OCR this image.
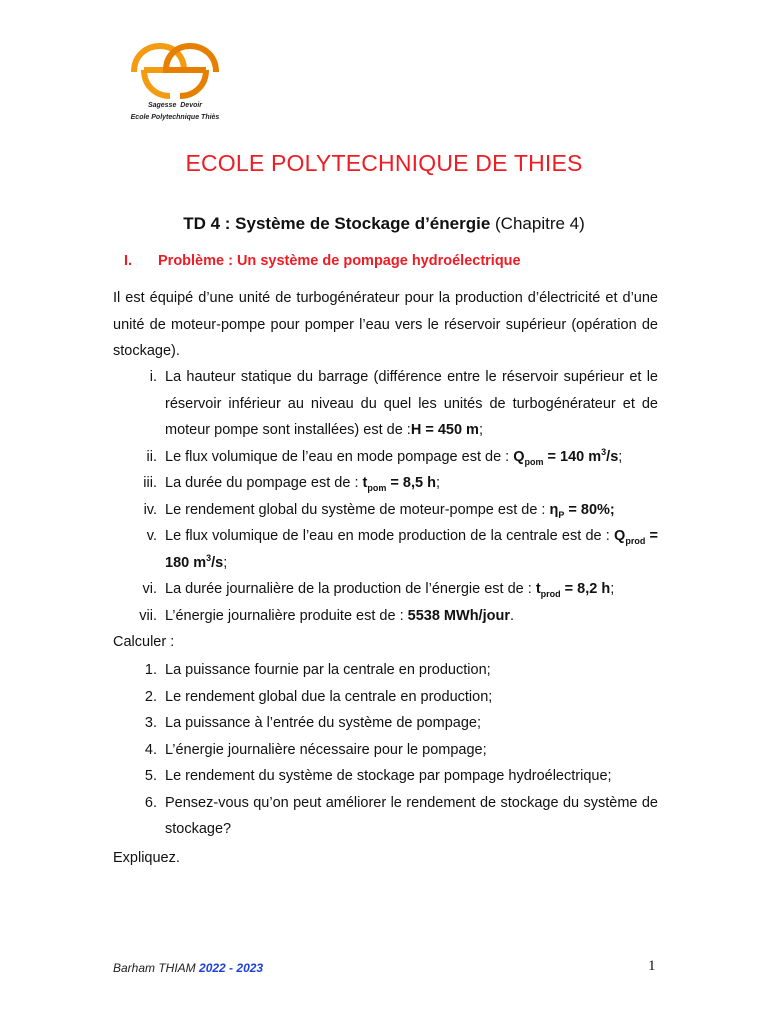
Sagesse Devoir
Ecole Polytechnique Thiès
ECOLE POLYTECHNIQUE DE THIES
TD 4 : Système de Stockage d’énergie (Chapitre 4)
I. Problème : Un système de pompage hydroélectrique
Il est équipé d’une unité de turbogénérateur pour la production d’électricité et d’une unité de moteur-pompe pour pomper l’eau vers le réservoir supérieur (opération de stockage).
i. La hauteur statique du barrage (différence entre le réservoir supérieur et le réservoir inférieur au niveau du quel les unités de turbogénérateur et de moteur pompe sont installées) est de :H = 450 m;
ii. Le flux volumique de l’eau en mode pompage est de : $Q_{pom} = 140$ $m^3/s$;
iii. La durée du pompage est de : $t_{pom} = 8,5$ h;
iv. Le rendement global du système de moteur-pompe est de : $\eta_P = 80\%$;
v. Le flux volumique de l’eau en mode production de la centrale est de : $Q_{prod} = 180$ $m^3/s$;
vi. La durée journalière de la production de l’énergie est de : $t_{prod} = 8,2$ h;
vii. L’énergie journalière produite est de : 5538 MWh/jour.
Calculer :
1. La puissance fournie par la centrale en production;
2. Le rendement global due la centrale en production;
3. La puissance à l’entrée du système de pompage;
4. L’énergie journalière nécessaire pour le pompage;
5. Le rendement du système de stockage par pompage hydroélectrique;
6. Pensez-vous qu’on peut améliorer le rendement de stockage du système de stockage?
Expliquez.
Barham THIAM 2022 - 2023	1
